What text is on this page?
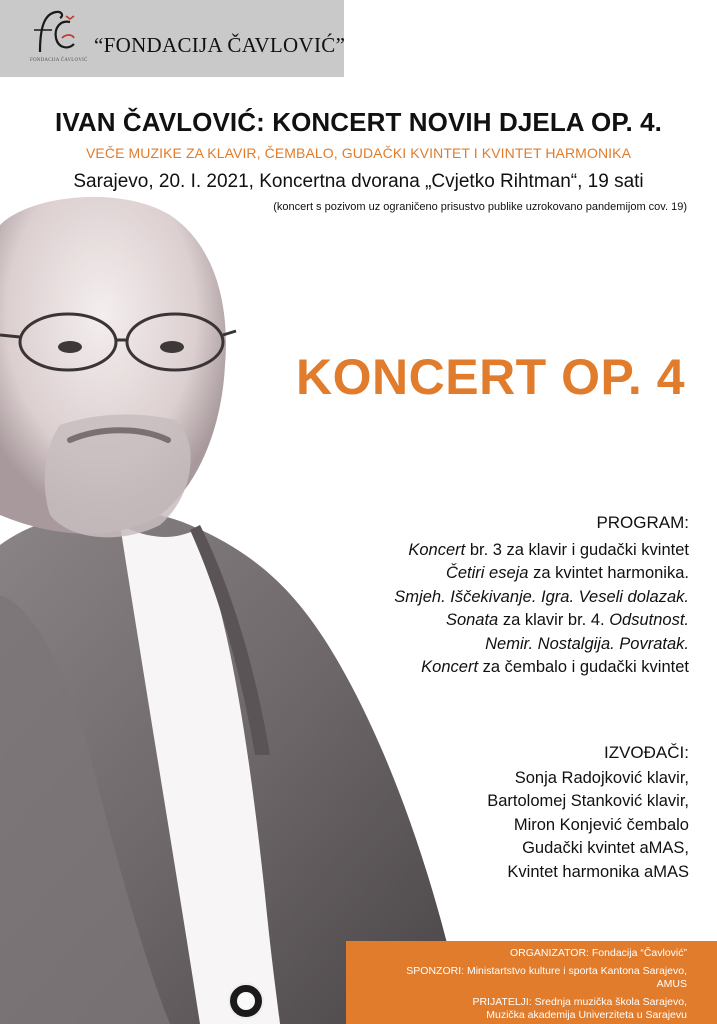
FONDACIJA ČAVLOVIĆ
“FONDACIJA ČAVLOVIĆ”
IVAN ČAVLOVIĆ: KONCERT NOVIH DJELA OP. 4.
VEČE MUZIKE ZA KLAVIR, ČEMBALO, GUDAČKI KVINTET I KVINTET HARMONIKA
Sarajevo, 20. I. 2021, Koncertna dvorana „Cvjetko Rihtman“, 19 sati
(koncert s pozivom uz ograničeno prisustvo publike uzrokovano pandemijom cov. 19)
KONCERT OP. 4
PROGRAM:
Koncert br. 3 za klavir i gudački kvintet
Četiri eseja za kvintet harmonika.
Smjeh. Iščekivanje. Igra. Veseli dolazak.
Sonata za klavir br. 4. Odsutnost.
Nemir. Nostalgija. Povratak.
Koncert za čembalo i gudački kvintet
IZVOĐAČI:
Sonja Radojković klavir,
Bartolomej Stanković klavir,
Miron Konjević čembalo
Gudački kvintet aMAS,
Kvintet harmonika aMAS
ORGANIZATOR: Fondacija “Čavlović”
SPONZORI: Ministartstvo kulture i sporta Kantona Sarajevo,
AMUS
PRIJATELJI: Srednja muzička škola Sarajevo,
Muzička akademija Univerziteta u Sarajevu
